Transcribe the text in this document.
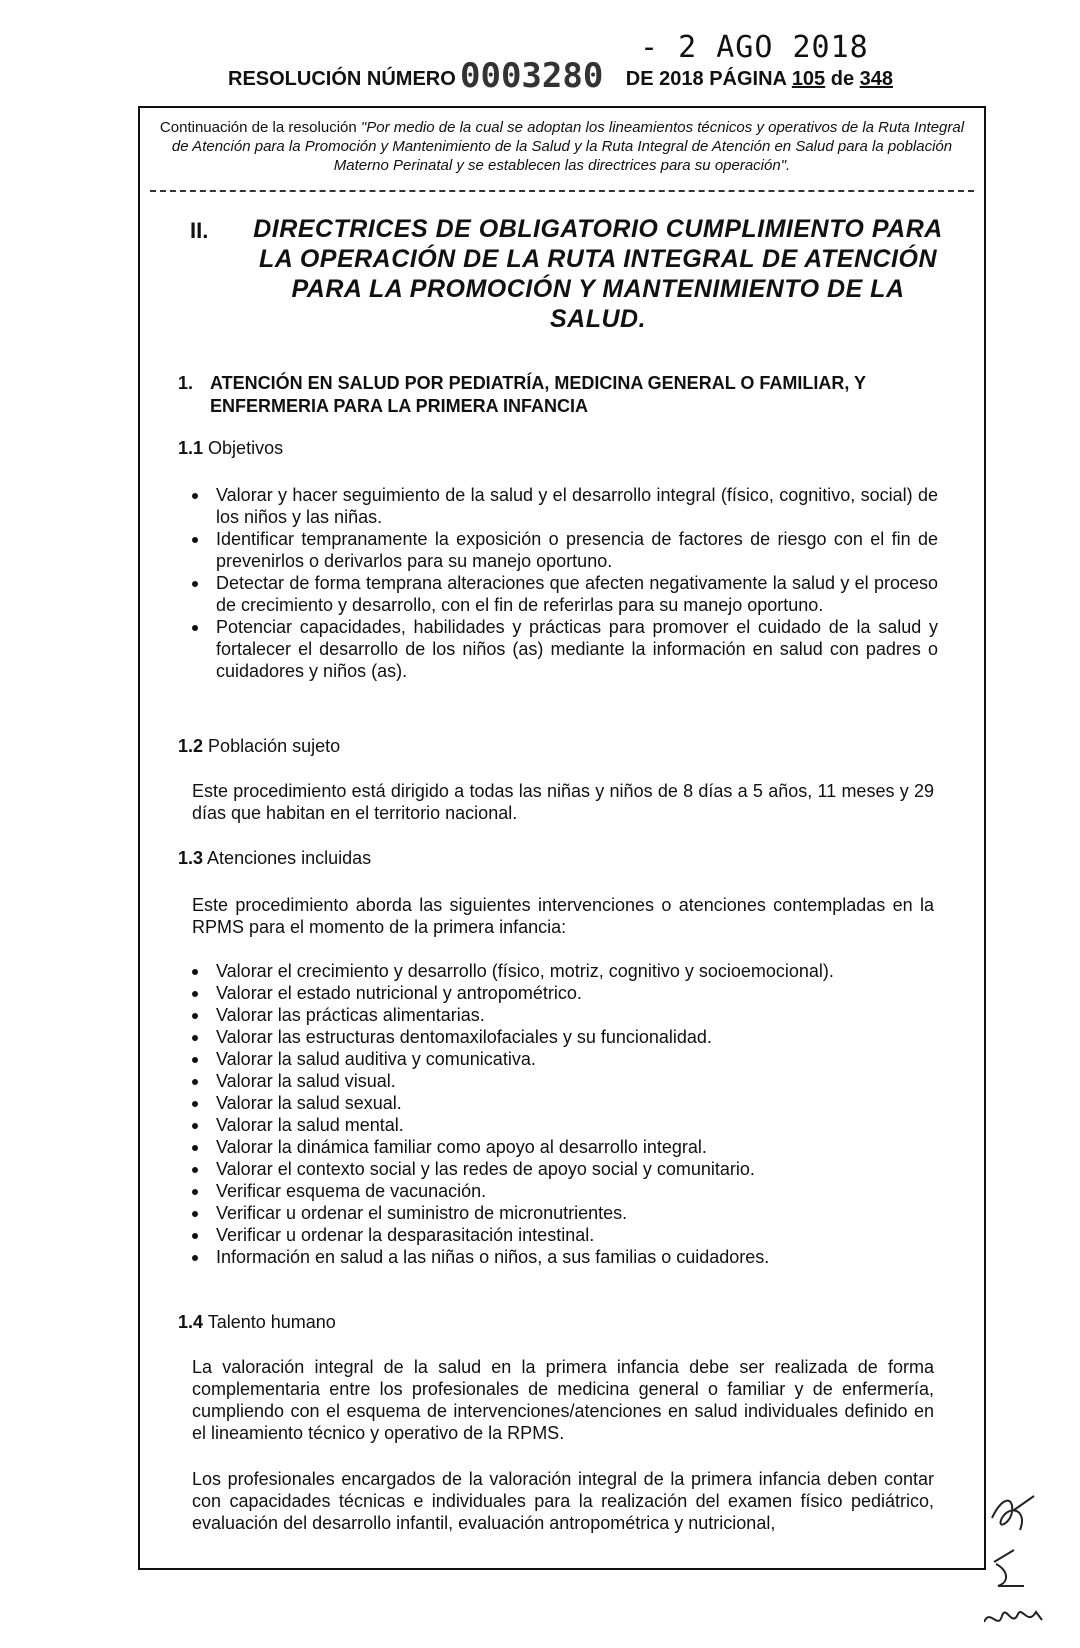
- 2 AGO 2018
0003280
RESOLUCIÓN NÚMERO	DE 2018 PÁGINA 105 de 348
Continuación de la resolución "Por medio de la cual se adoptan los lineamientos técnicos y operativos de la Ruta Integral de Atención para la Promoción y Mantenimiento de la Salud y la Ruta Integral de Atención en Salud para la población Materno Perinatal y se establecen las directrices para su operación".
II. DIRECTRICES DE OBLIGATORIO CUMPLIMIENTO PARA LA OPERACIÓN DE LA RUTA INTEGRAL DE ATENCIÓN PARA LA PROMOCIÓN Y MANTENIMIENTO DE LA SALUD.
1. ATENCIÓN EN SALUD POR PEDIATRÍA, MEDICINA GENERAL O FAMILIAR, Y
ENFERMERIA PARA LA PRIMERA INFANCIA
1.1 Objetivos
Valorar y hacer seguimiento de la salud y el desarrollo integral (físico, cognitivo, social) de los niños y las niñas.
Identificar tempranamente la exposición o presencia de factores de riesgo con el fin de prevenirlos o derivarlos para su manejo oportuno.
Detectar de forma temprana alteraciones que afecten negativamente la salud y el proceso de crecimiento y desarrollo, con el fin de referirlas para su manejo oportuno.
Potenciar capacidades, habilidades y prácticas para promover el cuidado de la salud y fortalecer el desarrollo de los niños (as) mediante la información en salud con padres o cuidadores y niños (as).
1.2 Población sujeto
Este procedimiento está dirigido a todas las niñas y niños de 8 días a 5 años, 11 meses y 29 días que habitan en el territorio nacional.
1.3 Atenciones incluidas
Este procedimiento aborda las siguientes intervenciones o atenciones contempladas en la RPMS para el momento de la primera infancia:
Valorar el crecimiento y desarrollo (físico, motriz, cognitivo y socioemocional).
Valorar el estado nutricional y antropométrico.
Valorar las prácticas alimentarias.
Valorar las estructuras dentomaxilofaciales y su funcionalidad.
Valorar la salud auditiva y comunicativa.
Valorar la salud visual.
Valorar la salud sexual.
Valorar la salud mental.
Valorar la dinámica familiar como apoyo al desarrollo integral.
Valorar el contexto social y las redes de apoyo social y comunitario.
Verificar esquema de vacunación.
Verificar u ordenar el suministro de micronutrientes.
Verificar u ordenar la desparasitación intestinal.
Información en salud a las niñas o niños, a sus familias o cuidadores.
1.4 Talento humano
La valoración integral de la salud en la primera infancia debe ser realizada de forma complementaria entre los profesionales de medicina general o familiar y de enfermería, cumpliendo con el esquema de intervenciones/atenciones en salud individuales definido en el lineamiento técnico y operativo de la RPMS.
Los profesionales encargados de la valoración integral de la primera infancia deben contar con capacidades técnicas e individuales para la realización del examen físico pediátrico, evaluación del desarrollo infantil, evaluación antropométrica y nutricional,
